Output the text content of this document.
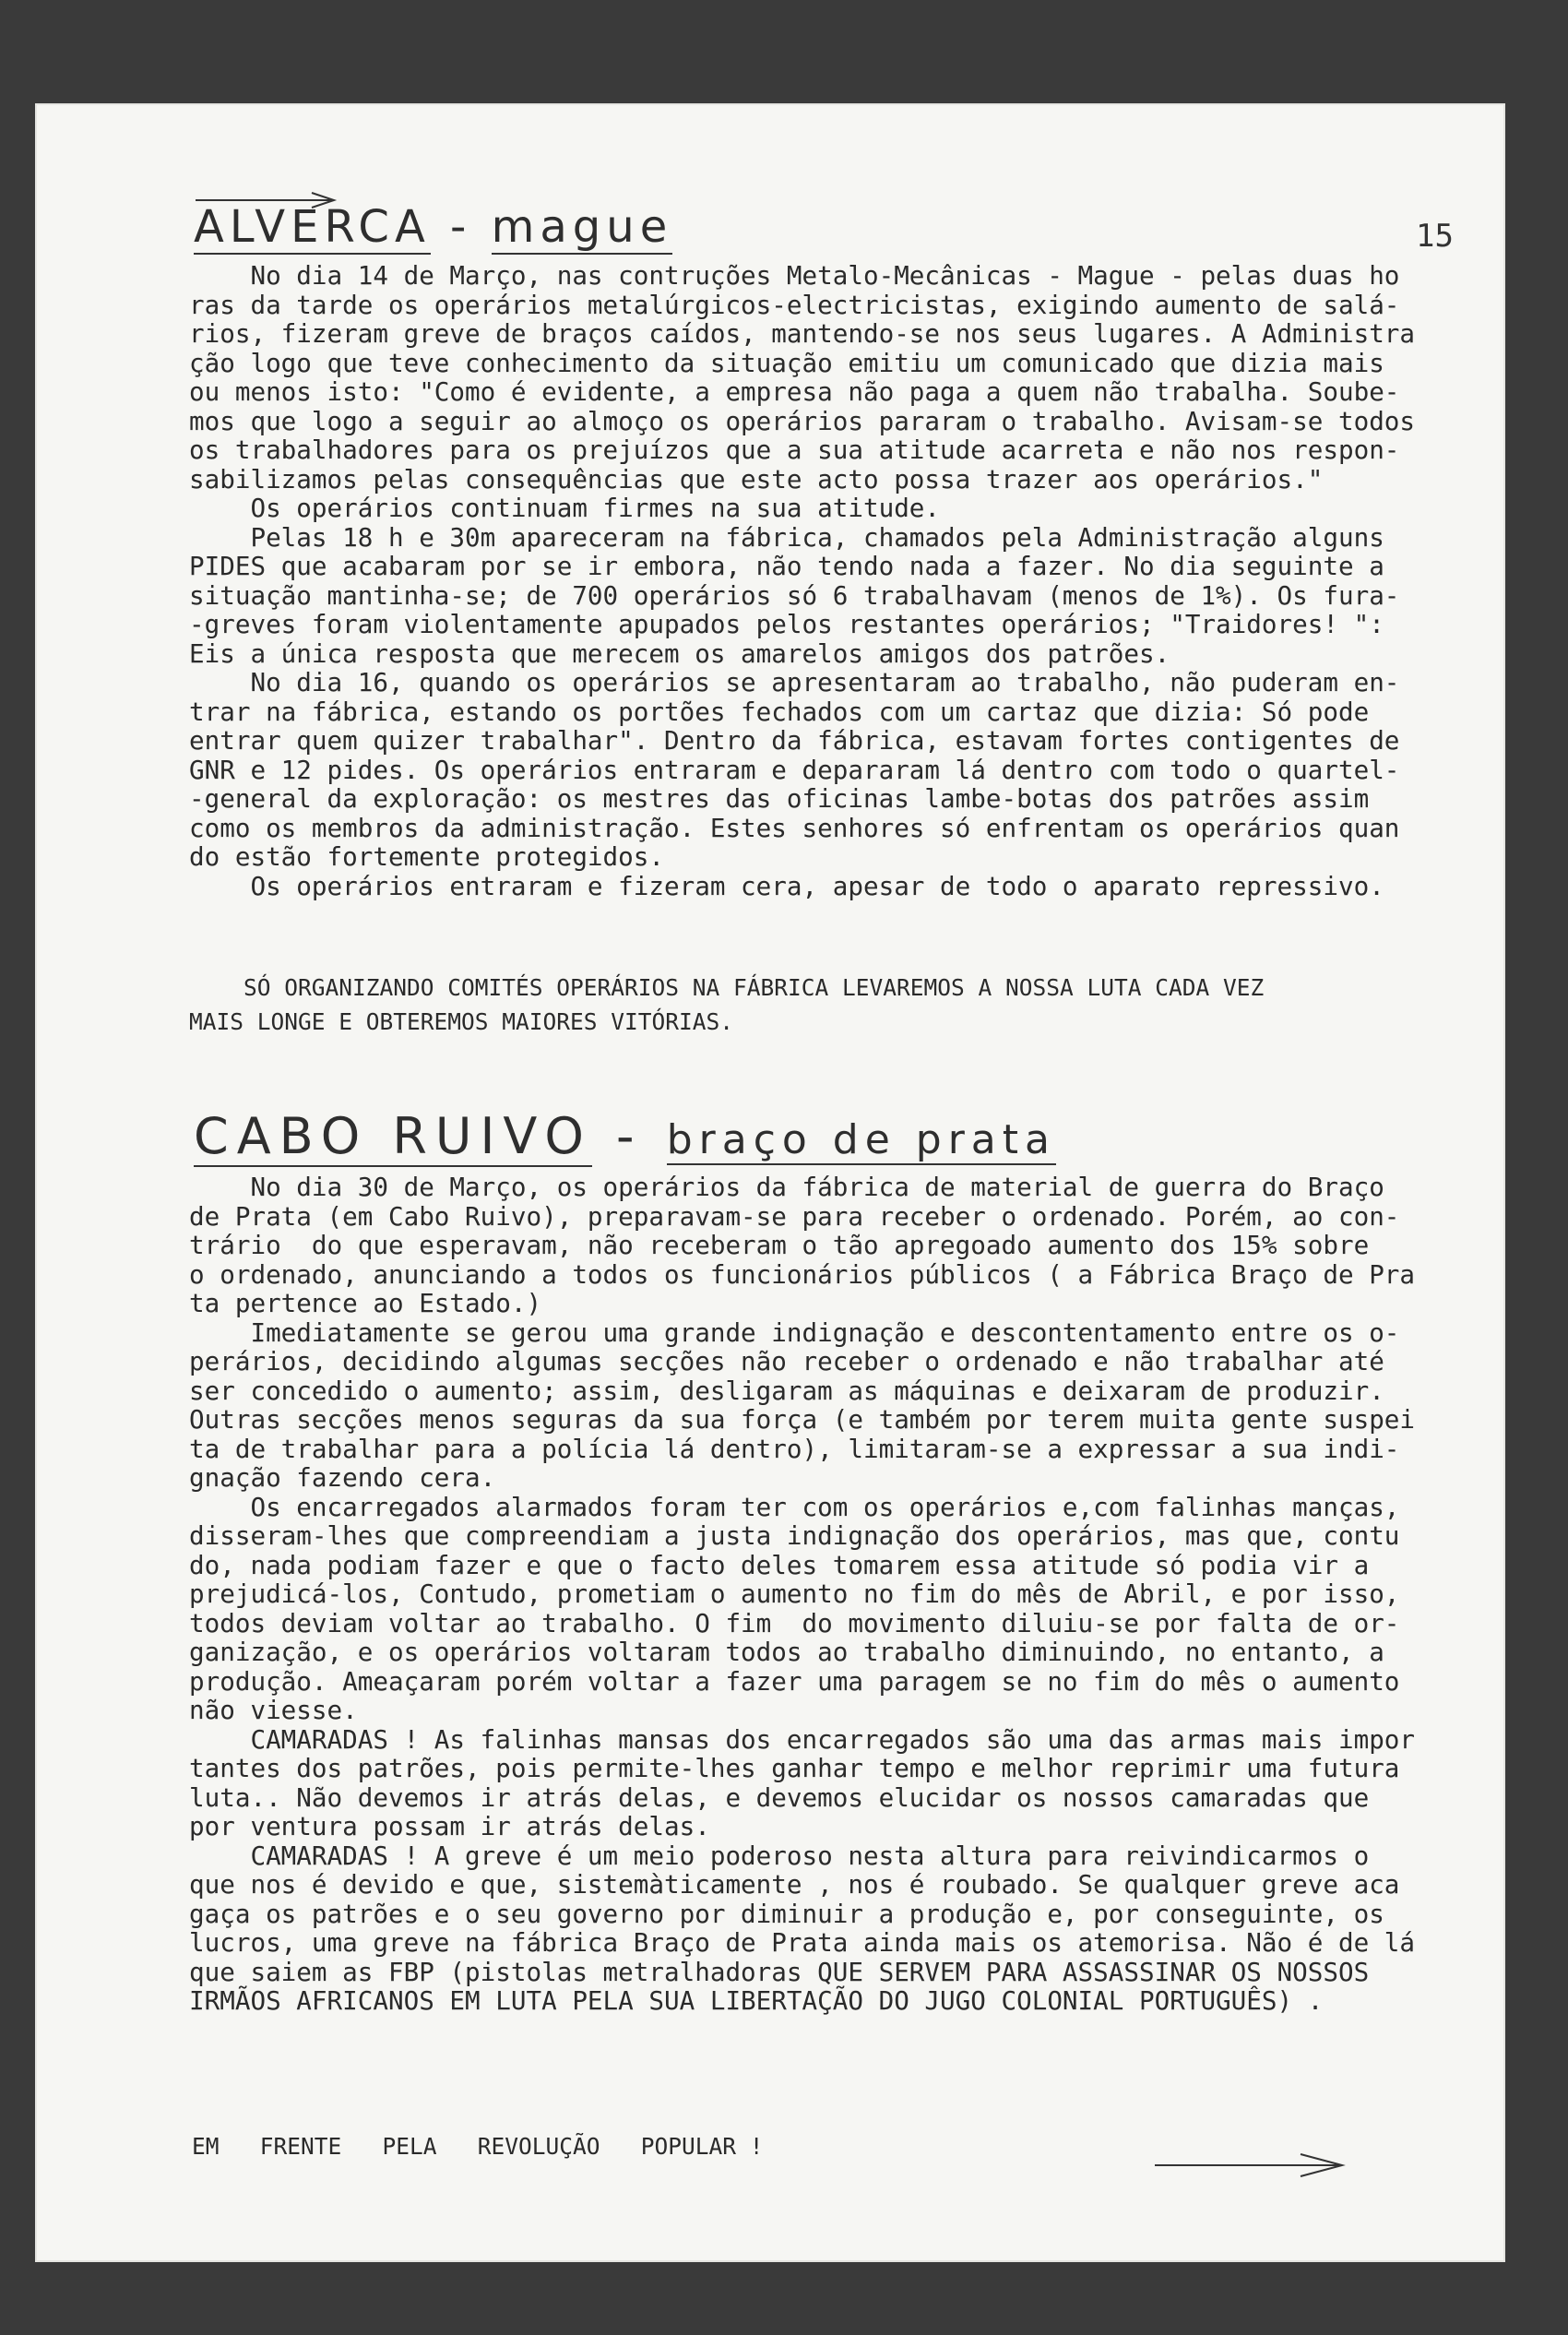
15
ALVERCA - mague
No dia 14 de Março, nas contruções Metalo-Mecânicas - Mague - pelas duas ho
ras da tarde os operários metalúrgicos-electricistas, exigindo aumento de salá-
rios, fizeram greve de braços caídos, mantendo-se nos seus lugares. A Administra
ção logo que teve conhecimento da situação emitiu um comunicado que dizia mais
ou menos isto: "Como é evidente, a empresa não paga a quem não trabalha. Soube-
mos que logo a seguir ao almoço os operários pararam o trabalho. Avisam-se todos
os trabalhadores para os prejuízos que a sua atitude acarreta e não nos respon-
sabilizamos pelas consequências que este acto possa trazer aos operários."
Os operários continuam firmes na sua atitude.
Pelas 18 h e 30m apareceram na fábrica, chamados pela Administração alguns
PIDES que acabaram por se ir embora, não tendo nada a fazer. No dia seguinte a
situação mantinha-se; de 700 operários só 6 trabalhavam (menos de 1%). Os fura-
-greves foram violentamente apupados pelos restantes operários; "Traidores! ":
Eis a única resposta que merecem os amarelos amigos dos patrões.
No dia 16, quando os operários se apresentaram ao trabalho, não puderam en-
trar na fábrica, estando os portões fechados com um cartaz que dizia: Só pode
entrar quem quizer trabalhar". Dentro da fábrica, estavam fortes contigentes de
GNR e 12 pides. Os operários entraram e depararam lá dentro com todo o quartel-
-general da exploração: os mestres das oficinas lambe-botas dos patrões assim
como os membros da administração. Estes senhores só enfrentam os operários quan
do estão fortemente protegidos.
Os operários entraram e fizeram cera, apesar de todo o aparato repressivo.
SÓ ORGANIZANDO COMITÉS OPERÁRIOS NA FÁBRICA LEVAREMOS A NOSSA LUTA CADA VEZ
MAIS LONGE E OBTEREMOS MAIORES VITÓRIAS.
CABO RUIVO - braço de prata
No dia 30 de Março, os operários da fábrica de material de guerra do Braço
de Prata (em Cabo Ruivo), preparavam-se para receber o ordenado. Porém, ao con-
trário  do que esperavam, não receberam o tão apregoado aumento dos 15% sobre
o ordenado, anunciando a todos os funcionários públicos ( a Fábrica Braço de Pra
ta pertence ao Estado.)
Imediatamente se gerou uma grande indignação e descontentamento entre os o-
perários, decidindo algumas secções não receber o ordenado e não trabalhar até
ser concedido o aumento; assim, desligaram as máquinas e deixaram de produzir.
Outras secções menos seguras da sua força (e também por terem muita gente suspei
ta de trabalhar para a polícia lá dentro), limitaram-se a expressar a sua indi-
gnação fazendo cera.
Os encarregados alarmados foram ter com os operários e,com falinhas manças,
disseram-lhes que compreendiam a justa indignação dos operários, mas que, contu
do, nada podiam fazer e que o facto deles tomarem essa atitude só podia vir a
prejudicá-los, Contudo, prometiam o aumento no fim do mês de Abril, e por isso,
todos deviam voltar ao trabalho. O fim  do movimento diluiu-se por falta de or-
ganização, e os operários voltaram todos ao trabalho diminuindo, no entanto, a
produção. Ameaçaram porém voltar a fazer uma paragem se no fim do mês o aumento
não viesse.
CAMARADAS ! As falinhas mansas dos encarregados são uma das armas mais impor
tantes dos patrões, pois permite-lhes ganhar tempo e melhor reprimir uma futura
luta.. Não devemos ir atrás delas, e devemos elucidar os nossos camaradas que
por ventura possam ir atrás delas.
CAMARADAS ! A greve é um meio poderoso nesta altura para reivindicarmos o
que nos é devido e que, sistemàticamente , nos é roubado. Se qualquer greve aca
gaça os patrões e o seu governo por diminuir a produção e, por conseguinte, os
lucros, uma greve na fábrica Braço de Prata ainda mais os atemorisa. Não é de lá
que saiem as FBP (pistolas metralhadoras QUE SERVEM PARA ASSASSINAR OS NOSSOS
IRMÃOS AFRICANOS EM LUTA PELA SUA LIBERTAÇÃO DO JUGO COLONIAL PORTUGUÊS) .
EM   FRENTE   PELA   REVOLUÇÃO   POPULAR !
